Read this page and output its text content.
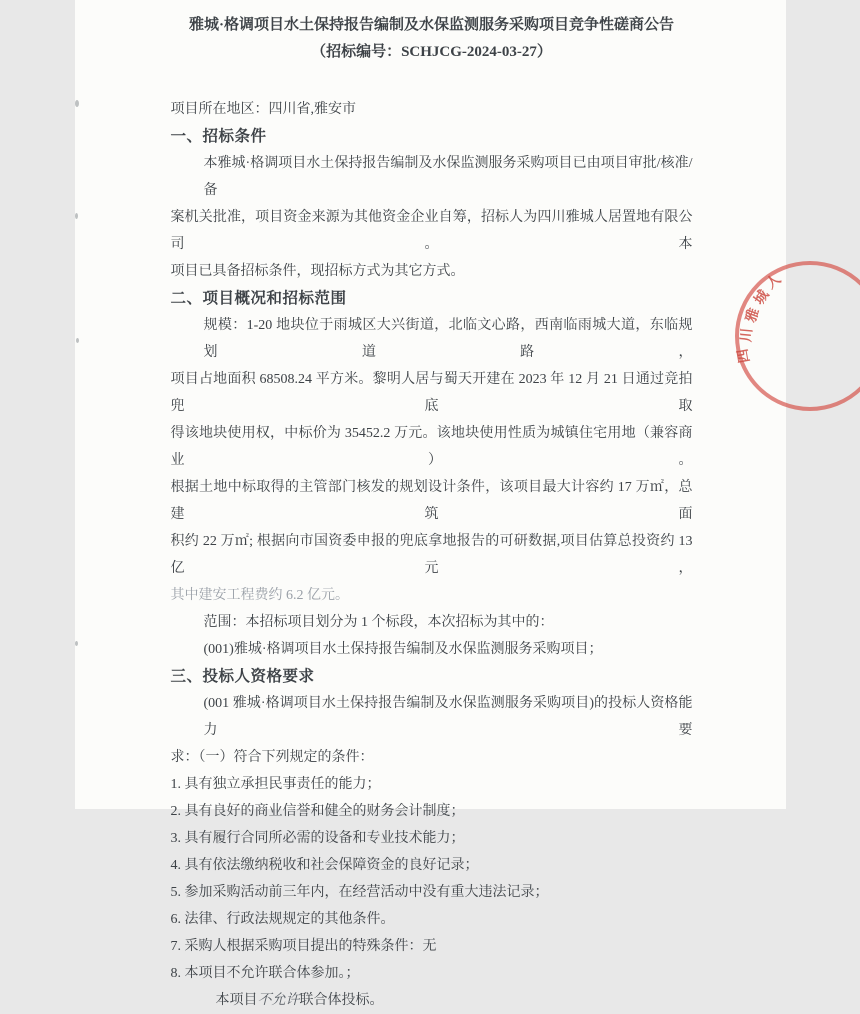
雅城·格调项目水土保持报告编制及水保监测服务采购项目竞争性磋商公告
（招标编号：SCHJCG-2024-03-27）
项目所在地区：四川省,雅安市
一、招标条件
本雅城·格调项目水土保持报告编制及水保监测服务采购项目已由项目审批/核准/备
案机关批准，项目资金来源为其他资金企业自筹，招标人为四川雅城人居置地有限公司。本
项目已具备招标条件，现招标方式为其它方式。
二、项目概况和招标范围
规模：1-20 地块位于雨城区大兴街道，北临文心路，西南临雨城大道，东临规划道路，
项目占地面积 68508.24 平方米。黎明人居与蜀天开建在 2023 年 12 月 21 日通过竞拍兜底取
得该地块使用权，中标价为 35452.2 万元。该地块使用性质为城镇住宅用地（兼容商业）。
根据土地中标取得的主管部门核发的规划设计条件，该项目最大计容约 17 万㎡，总建筑面
积约 22 万㎡; 根据向市国资委申报的兜底拿地报告的可研数据,项目估算总投资约 13 亿元，
其中建安工程费约 6.2 亿元。
范围：本招标项目划分为 1 个标段，本次招标为其中的：
(001)雅城·格调项目水土保持报告编制及水保监测服务采购项目；
三、投标人资格要求
(001 雅城·格调项目水土保持报告编制及水保监测服务采购项目)的投标人资格能力要
求：（一）符合下列规定的条件：
1. 具有独立承担民事责任的能力；
2. 具有良好的商业信誉和健全的财务会计制度；
3. 具有履行合同所必需的设备和专业技术能力；
4. 具有依法缴纳税收和社会保障资金的良好记录；
5. 参加采购活动前三年内，在经营活动中没有重大违法记录；
6. 法律、行政法规规定的其他条件。
7. 采购人根据采购项目提出的特殊条件：无
8. 本项目不允许联合体参加。；
本项目不允许联合体投标。
四
川
雅
城
人
